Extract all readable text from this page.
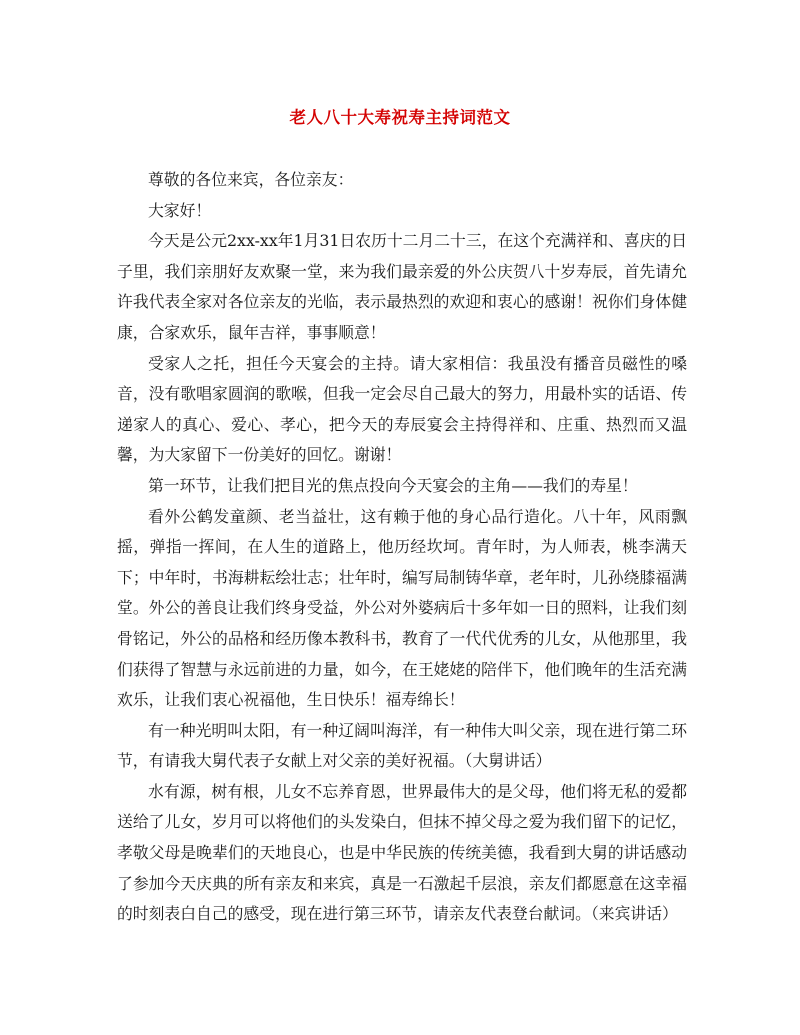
老人八十大寿祝寿主持词范文

尊敬的各位来宾，各位亲友：

大家好！

今天是公元2xx-xx年1月31日农历十二月二十三，在这个充满祥和、喜庆的日子里，我们亲朋好友欢聚一堂，来为我们最亲爱的外公庆贺八十岁寿辰，首先请允许我代表全家对各位亲友的光临，表示最热烈的欢迎和衷心的感谢！祝你们身体健康，合家欢乐，鼠年吉祥，事事顺意！

受家人之托，担任今天宴会的主持。请大家相信：我虽没有播音员磁性的嗓音，没有歌唱家圆润的歌喉，但我一定会尽自己最大的努力，用最朴实的话语、传递家人的真心、爱心、孝心，把今天的寿辰宴会主持得祥和、庄重、热烈而又温馨，为大家留下一份美好的回忆。谢谢！

第一环节，让我们把目光的焦点投向今天宴会的主角——我们的寿星！

看外公鹤发童颜、老当益壮，这有赖于他的身心品行造化。八十年，风雨飘摇，弹指一挥间，在人生的道路上，他历经坎坷。青年时，为人师表，桃李满天下；中年时，书海耕耘绘壮志；壮年时，编写局制铸华章，老年时，儿孙绕膝福满堂。外公的善良让我们终身受益，外公对外婆病后十多年如一日的照料，让我们刻骨铭记，外公的品格和经历像本教科书，教育了一代代优秀的儿女，从他那里，我们获得了智慧与永远前进的力量，如今，在王姥姥的陪伴下，他们晚年的生活充满欢乐，让我们衷心祝福他，生日快乐！福寿绵长！

有一种光明叫太阳，有一种辽阔叫海洋，有一种伟大叫父亲，现在进行第二环节，有请我大舅代表子女献上对父亲的美好祝福。（大舅讲话）

水有源，树有根，儿女不忘养育恩，世界最伟大的是父母，他们将无私的爱都送给了儿女，岁月可以将他们的头发染白，但抹不掉父母之爱为我们留下的记忆，孝敬父母是晚辈们的天地良心，也是中华民族的传统美德，我看到大舅的讲话感动了参加今天庆典的所有亲友和来宾，真是一石激起千层浪，亲友们都愿意在这幸福的时刻表白自己的感受，现在进行第三环节，请亲友代表登台献词。（来宾讲话）
